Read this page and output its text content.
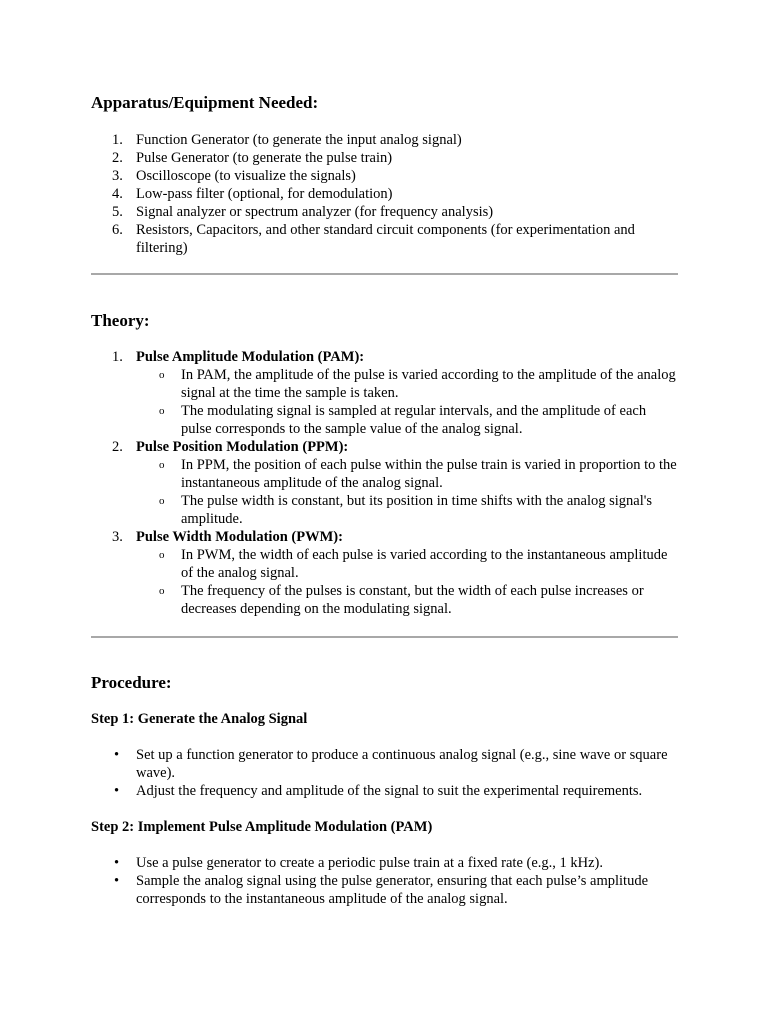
Apparatus/Equipment Needed:
1. Function Generator (to generate the input analog signal)
2. Pulse Generator (to generate the pulse train)
3. Oscilloscope (to visualize the signals)
4. Low-pass filter (optional, for demodulation)
5. Signal analyzer or spectrum analyzer (for frequency analysis)
6. Resistors, Capacitors, and other standard circuit components (for experimentation and filtering)
Theory:
1. Pulse Amplitude Modulation (PAM):
o In PAM, the amplitude of the pulse is varied according to the amplitude of the analog signal at the time the sample is taken.
o The modulating signal is sampled at regular intervals, and the amplitude of each pulse corresponds to the sample value of the analog signal.
2. Pulse Position Modulation (PPM):
o In PPM, the position of each pulse within the pulse train is varied in proportion to the instantaneous amplitude of the analog signal.
o The pulse width is constant, but its position in time shifts with the analog signal's amplitude.
3. Pulse Width Modulation (PWM):
o In PWM, the width of each pulse is varied according to the instantaneous amplitude of the analog signal.
o The frequency of the pulses is constant, but the width of each pulse increases or decreases depending on the modulating signal.
Procedure:
Step 1: Generate the Analog Signal
• Set up a function generator to produce a continuous analog signal (e.g., sine wave or square wave).
• Adjust the frequency and amplitude of the signal to suit the experimental requirements.
Step 2: Implement Pulse Amplitude Modulation (PAM)
• Use a pulse generator to create a periodic pulse train at a fixed rate (e.g., 1 kHz).
• Sample the analog signal using the pulse generator, ensuring that each pulse’s amplitude corresponds to the instantaneous amplitude of the analog signal.
